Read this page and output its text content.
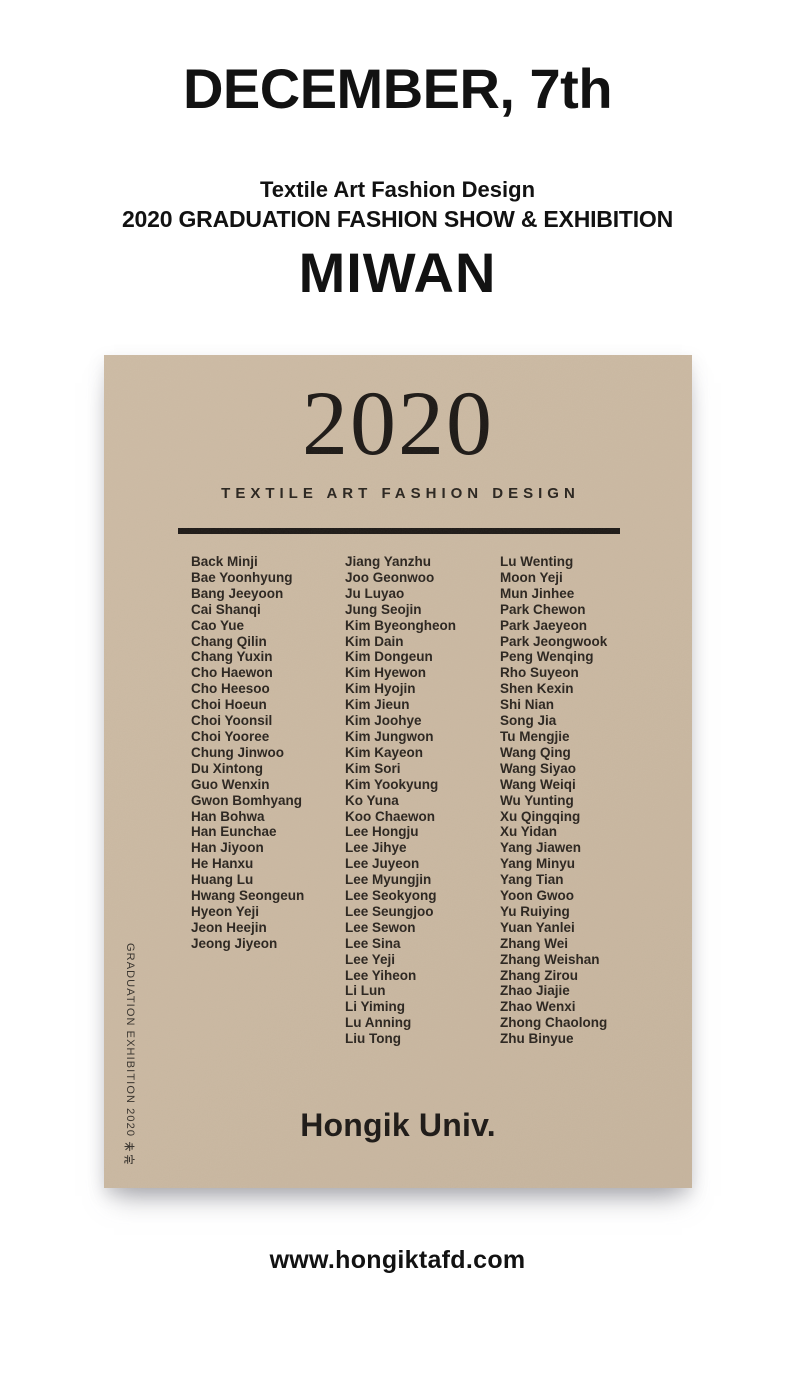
DECEMBER, 7th
Textile Art Fashion Design
2020 GRADUATION FASHION SHOW & EXHIBITION
MIWAN
2020
TEXTILE ART FASHION DESIGN
Back Minji
Bae Yoonhyung
Bang Jeeyoon
Cai Shanqi
Cao Yue
Chang Qilin
Chang Yuxin
Cho Haewon
Cho Heesoo
Choi Hoeun
Choi Yoonsil
Choi Yooree
Chung Jinwoo
Du Xintong
Guo Wenxin
Gwon Bomhyang
Han Bohwa
Han Eunchae
Han Jiyoon
He Hanxu
Huang Lu
Hwang Seongeun
Hyeon Yeji
Jeon Heejin
Jeong Jiyeon
Jiang Yanzhu
Joo Geonwoo
Ju Luyao
Jung Seojin
Kim Byeongheon
Kim Dain
Kim Dongeun
Kim Hyewon
Kim Hyojin
Kim Jieun
Kim Joohye
Kim Jungwon
Kim Kayeon
Kim Sori
Kim Yookyung
Ko Yuna
Koo Chaewon
Lee Hongju
Lee Jihye
Lee Juyeon
Lee Myungjin
Lee Seokyong
Lee Seungjoo
Lee Sewon
Lee Sina
Lee Yeji
Lee Yiheon
Li Lun
Li Yiming
Lu Anning
Liu Tong
Lu Wenting
Moon Yeji
Mun Jinhee
Park Chewon
Park Jaeyeon
Park Jeongwook
Peng Wenqing
Rho Suyeon
Shen Kexin
Shi Nian
Song Jia
Tu Mengjie
Wang Qing
Wang Siyao
Wang Weiqi
Wu Yunting
Xu Qingqing
Xu Yidan
Yang Jiawen
Yang Minyu
Yang Tian
Yoon Gwoo
Yu Ruiying
Yuan Yanlei
Zhang Wei
Zhang Weishan
Zhang Zirou
Zhao Jiajie
Zhao Wenxi
Zhong Chaolong
Zhu Binyue
GRADUATION EXHIBITION 2020	Hongik Univ.
www.hongiktafd.com
